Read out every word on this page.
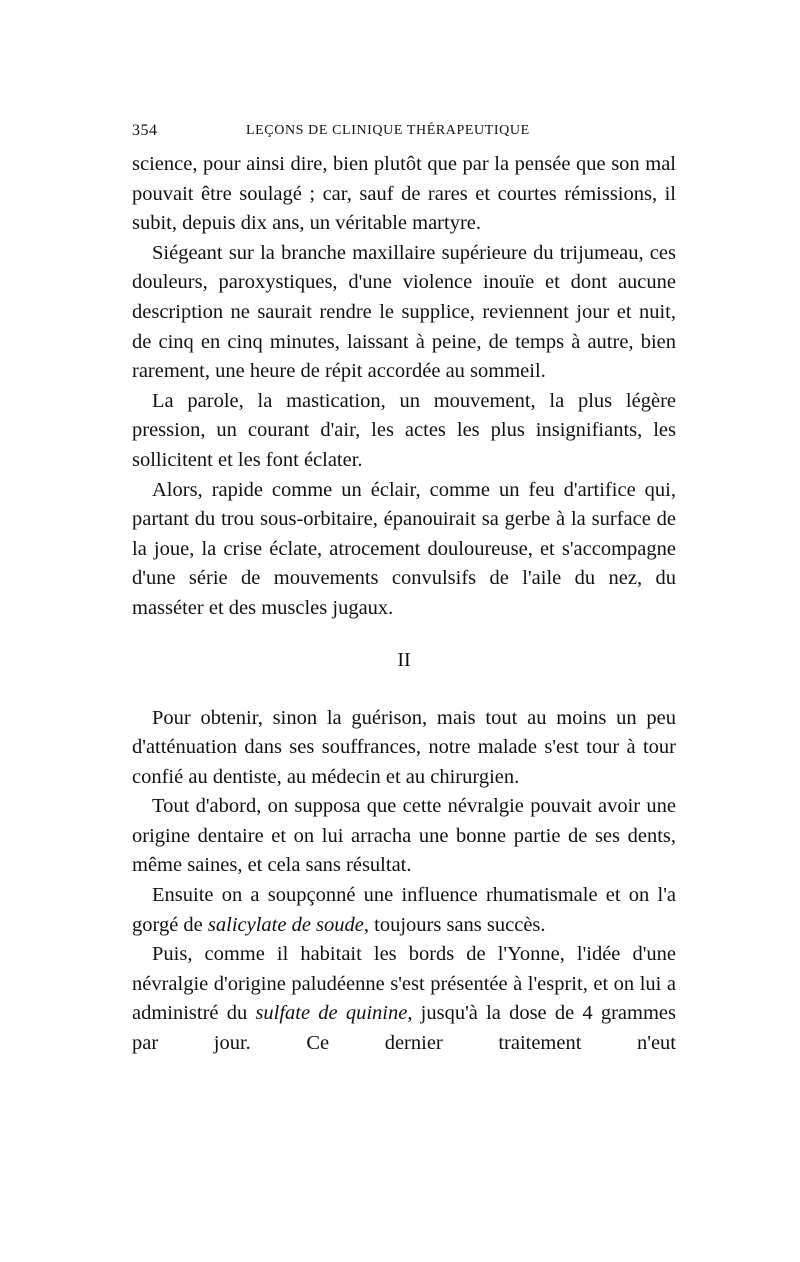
354	LEÇONS DE CLINIQUE THÉRAPEUTIQUE

science, pour ainsi dire, bien plutôt que par la pensée que son mal pouvait être soulagé ; car, sauf de rares et courtes rémissions, il subit, depuis dix ans, un véritable martyre.

Siégeant sur la branche maxillaire supérieure du trijumeau, ces douleurs, paroxystiques, d'une violence inouïe et dont aucune description ne saurait rendre le supplice, reviennent jour et nuit, de cinq en cinq minutes, laissant à peine, de temps à autre, bien rarement, une heure de répit accordée au sommeil.

La parole, la mastication, un mouvement, la plus légère pression, un courant d'air, les actes les plus insignifiants, les sollicitent et les font éclater.

Alors, rapide comme un éclair, comme un feu d'artifice qui, partant du trou sous-orbitaire, épanouirait sa gerbe à la surface de la joue, la crise éclate, atrocement douloureuse, et s'accompagne d'une série de mouvements convulsifs de l'aile du nez, du masséter et des muscles jugaux.

II

Pour obtenir, sinon la guérison, mais tout au moins un peu d'atténuation dans ses souffrances, notre malade s'est tour à tour confié au dentiste, au médecin et au chirurgien.

Tout d'abord, on supposa que cette névralgie pouvait avoir une origine dentaire et on lui arracha une bonne partie de ses dents, même saines, et cela sans résultat.

Ensuite on a soupçonné une influence rhumatismale et on l'a gorgé de salicylate de soude, toujours sans succès.

Puis, comme il habitait les bords de l'Yonne, l'idée d'une névralgie d'origine paludéenne s'est présentée à l'esprit, et on lui a administré du sulfate de quinine, jusqu'à la dose de 4 grammes par jour. Ce dernier traitement n'eut
